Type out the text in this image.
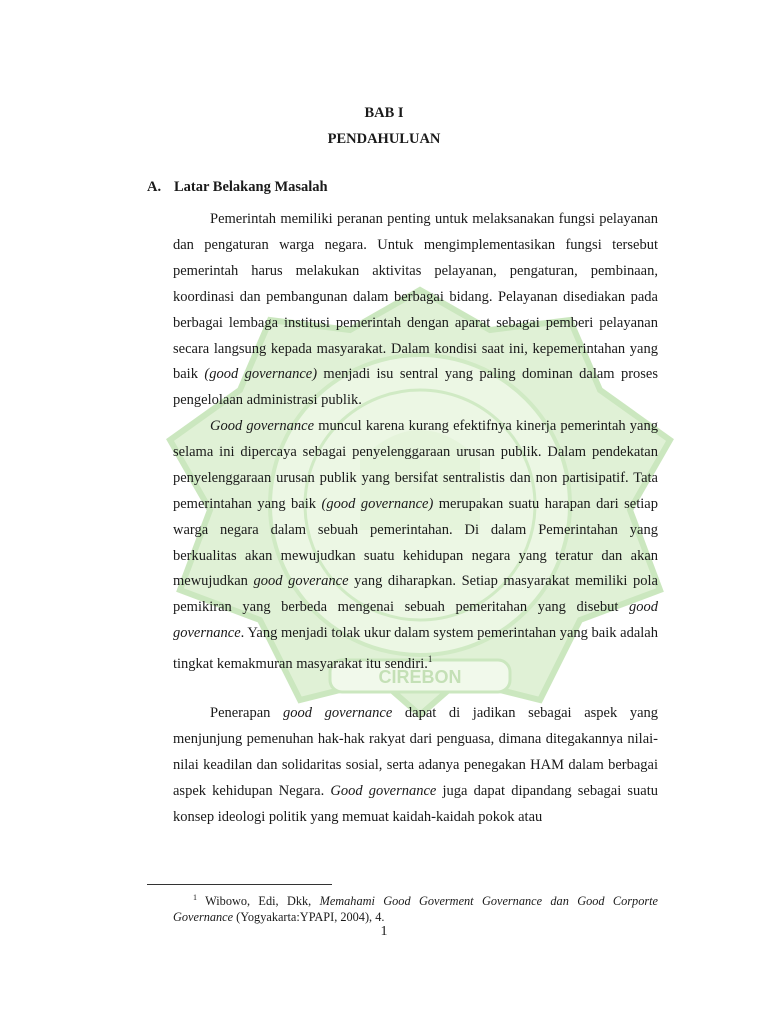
CIREBON
BAB I
PENDAHULUAN
A. Latar Belakang Masalah

Pemerintah memiliki peranan penting untuk melaksanakan fungsi pelayanan dan pengaturan warga negara. Untuk mengimplementasikan fungsi tersebut pemerintah harus melakukan aktivitas pelayanan, pengaturan, pembinaan, koordinasi dan pembangunan dalam berbagai bidang. Pelayanan disediakan pada berbagai lembaga institusi pemerintah dengan aparat sebagai pemberi pelayanan secara langsung kepada masyarakat. Dalam kondisi saat ini, kepemerintahan yang baik (good governance) menjadi isu sentral yang paling dominan dalam proses pengelolaan administrasi publik.

Good governance muncul karena kurang efektifnya kinerja pemerintah yang selama ini dipercaya sebagai penyelenggaraan urusan publik. Dalam pendekatan penyelenggaraan urusan publik yang bersifat sentralistis dan non partisipatif. Tata pemerintahan yang baik (good governance) merupakan suatu harapan dari setiap warga negara dalam sebuah pemerintahan. Di dalam Pemerintahan yang berkualitas akan mewujudkan suatu kehidupan negara yang teratur dan akan mewujudkan good goverance yang diharapkan. Setiap masyarakat memiliki pola pemikiran yang berbeda mengenai sebuah pemeritahan yang disebut good governance. Yang menjadi tolak ukur dalam system pemerintahan yang baik adalah tingkat kemakmuran masyarakat itu sendiri.$^1$

Penerapan good governance dapat di jadikan sebagai aspek yang menjunjung pemenuhan hak-hak rakyat dari penguasa, dimana ditegakannya nilai-nilai keadilan dan solidaritas sosial, serta adanya penegakan HAM dalam berbagai aspek kehidupan Negara. Good governance juga dapat dipandang sebagai suatu konsep ideologi politik yang memuat kaidah-kaidah pokok atau

$^1$ Wibowo, Edi, Dkk, Memahami Good Goverment Governance dan Good Corporte Governance (Yogyakarta:YPAPI, 2004), 4.

1
